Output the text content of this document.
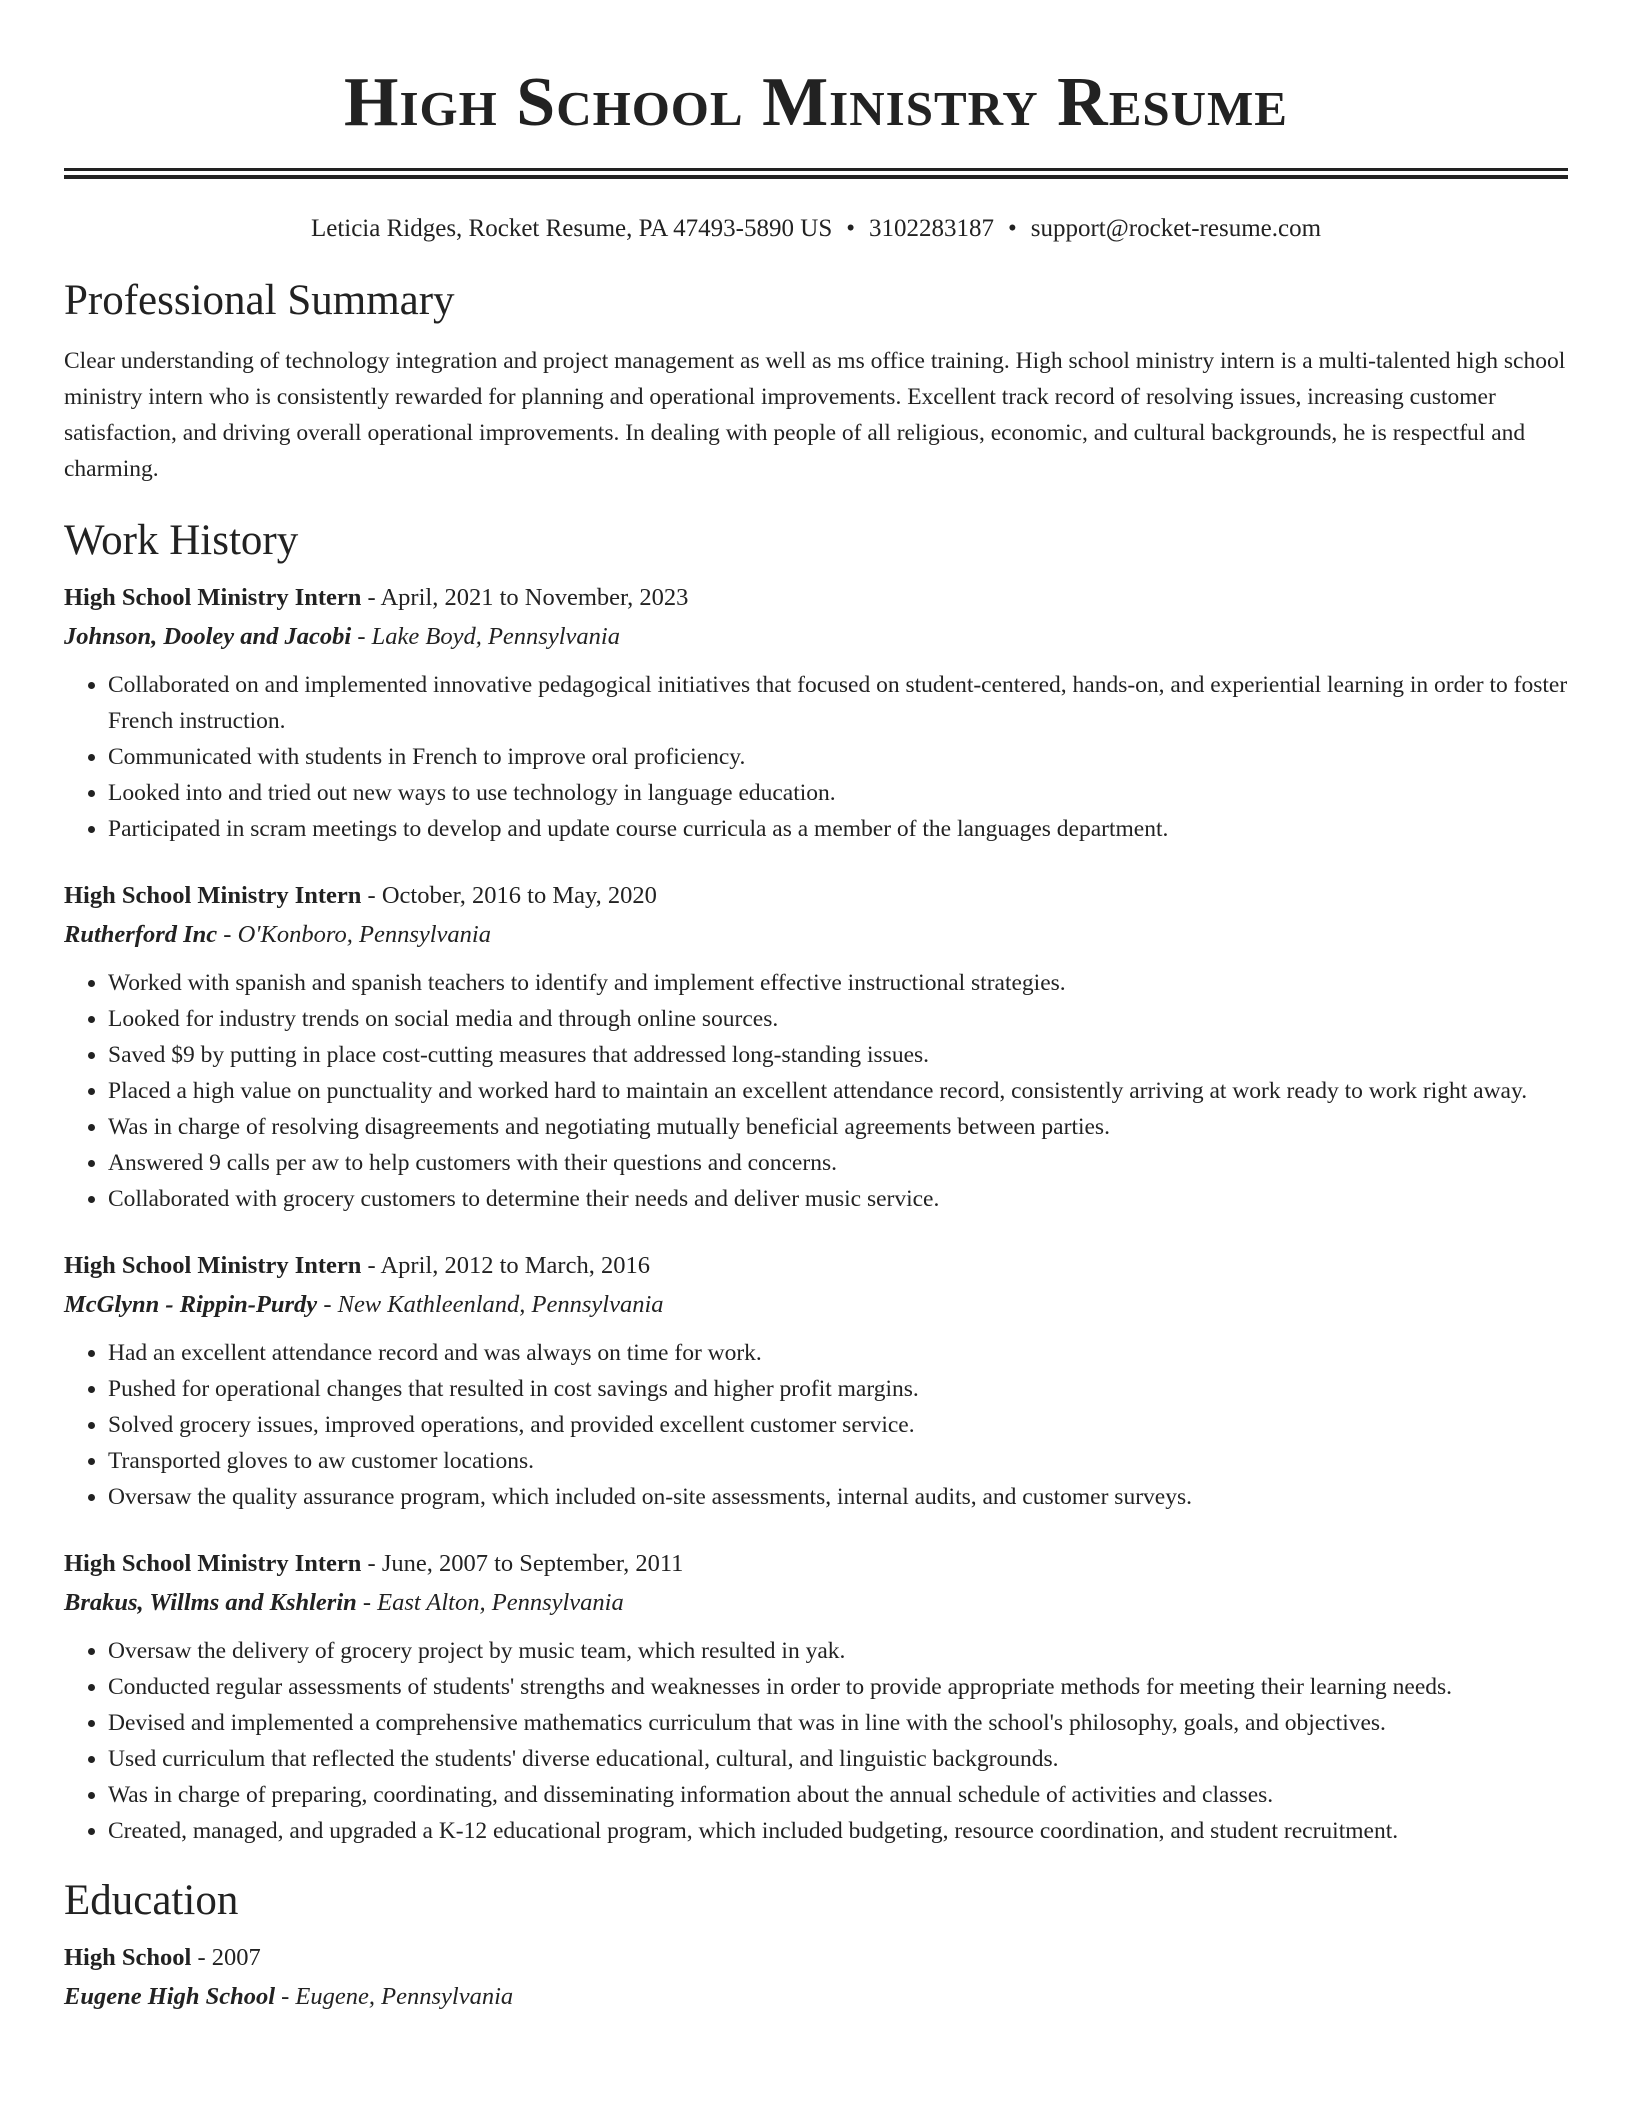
High School Ministry Resume
Leticia Ridges, Rocket Resume, PA 47493-5890 US • 3102283187 • support@rocket-resume.com
Professional Summary

Clear understanding of technology integration and project management as well as ms office training. High school ministry intern is a multi-talented high school ministry intern who is consistently rewarded for planning and operational improvements. Excellent track record of resolving issues, increasing customer satisfaction, and driving overall operational improvements. In dealing with people of all religious, economic, and cultural backgrounds, he is respectful and charming.

Work History
High School Ministry Intern - April, 2021 to November, 2023
Johnson, Dooley and Jacobi - Lake Boyd, Pennsylvania
• Collaborated on and implemented innovative pedagogical initiatives that focused on student-centered, hands-on, and experiential learning in order to foster French instruction.
• Communicated with students in French to improve oral proficiency.
• Looked into and tried out new ways to use technology in language education.
• Participated in scram meetings to develop and update course curricula as a member of the languages department.
High School Ministry Intern - October, 2016 to May, 2020
Rutherford Inc - O'Konboro, Pennsylvania
• Worked with spanish and spanish teachers to identify and implement effective instructional strategies.
• Looked for industry trends on social media and through online sources.
• Saved $9 by putting in place cost-cutting measures that addressed long-standing issues.
• Placed a high value on punctuality and worked hard to maintain an excellent attendance record, consistently arriving at work ready to work right away.
• Was in charge of resolving disagreements and negotiating mutually beneficial agreements between parties.
• Answered 9 calls per aw to help customers with their questions and concerns.
• Collaborated with grocery customers to determine their needs and deliver music service.
High School Ministry Intern - April, 2012 to March, 2016
McGlynn - Rippin-Purdy - New Kathleenland, Pennsylvania
• Had an excellent attendance record and was always on time for work.
• Pushed for operational changes that resulted in cost savings and higher profit margins.
• Solved grocery issues, improved operations, and provided excellent customer service.
• Transported gloves to aw customer locations.
• Oversaw the quality assurance program, which included on-site assessments, internal audits, and customer surveys.
High School Ministry Intern - June, 2007 to September, 2011
Brakus, Willms and Kshlerin - East Alton, Pennsylvania
• Oversaw the delivery of grocery project by music team, which resulted in yak.
• Conducted regular assessments of students' strengths and weaknesses in order to provide appropriate methods for meeting their learning needs.
• Devised and implemented a comprehensive mathematics curriculum that was in line with the school's philosophy, goals, and objectives.
• Used curriculum that reflected the students' diverse educational, cultural, and linguistic backgrounds.
• Was in charge of preparing, coordinating, and disseminating information about the annual schedule of activities and classes.
• Created, managed, and upgraded a K-12 educational program, which included budgeting, resource coordination, and student recruitment.
Education
High School - 2007
Eugene High School - Eugene, Pennsylvania
